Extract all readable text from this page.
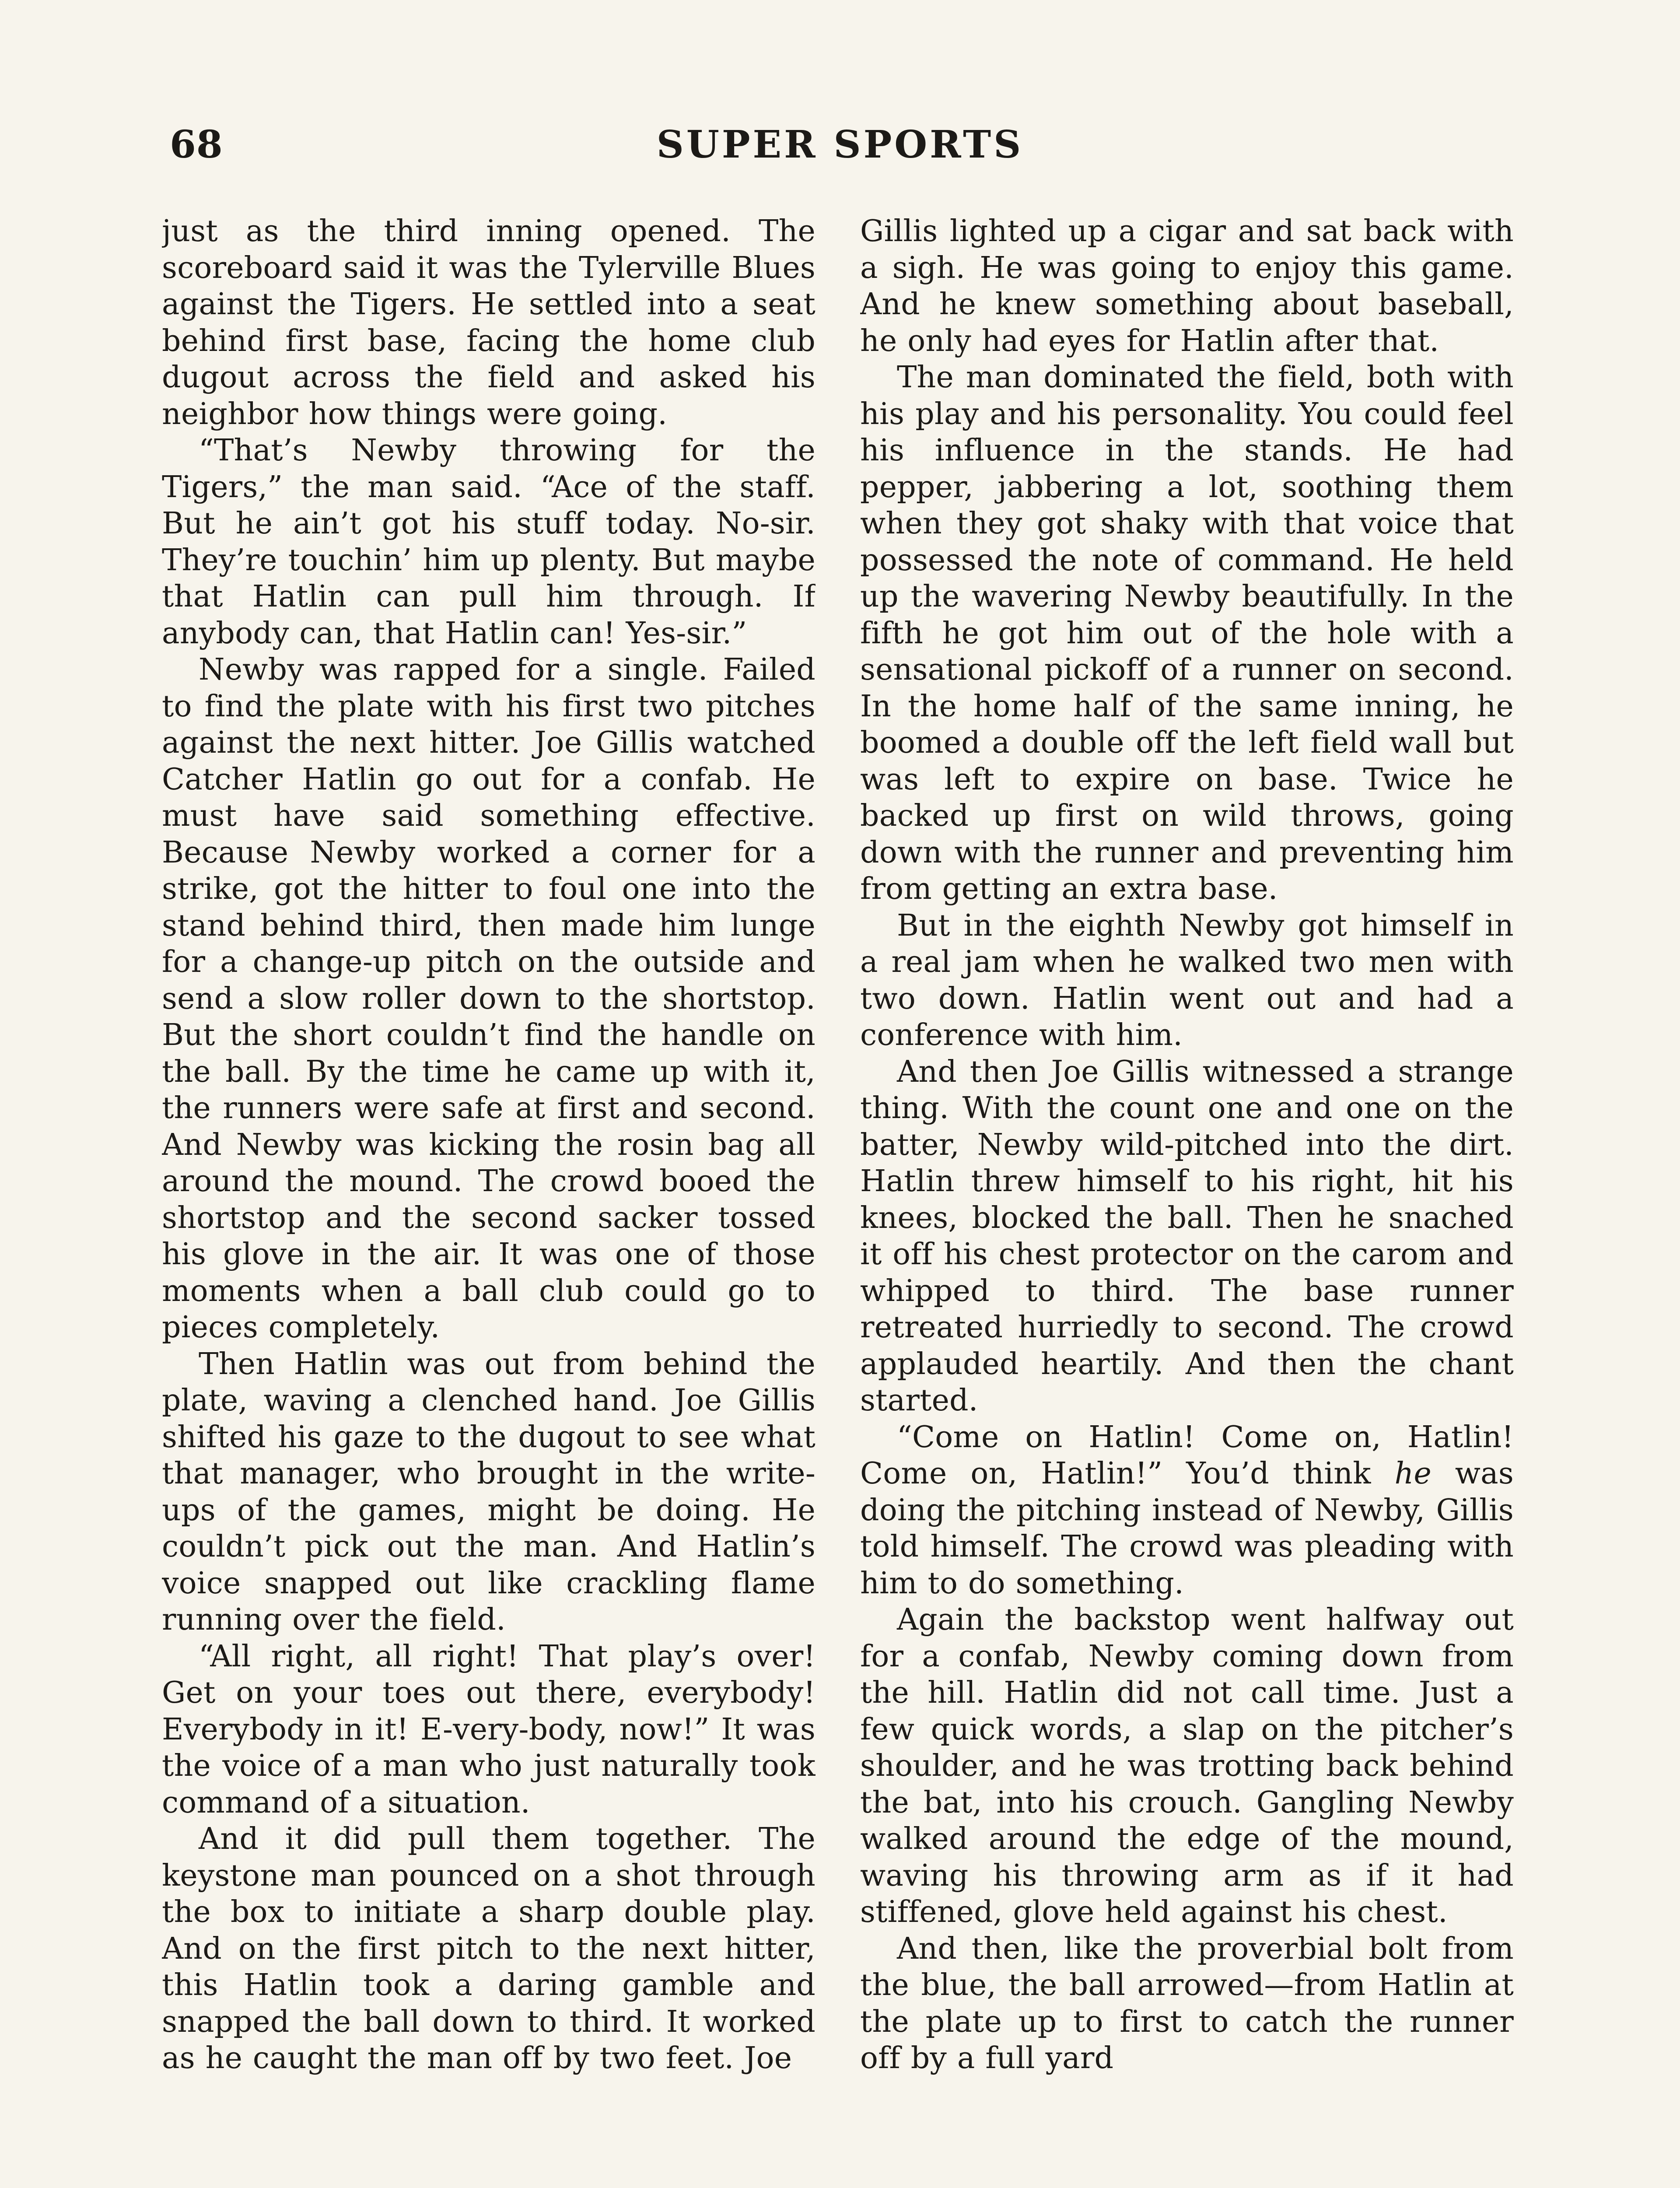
68	SUPER SPORTS

just as the third inning opened. The scoreboard said it was the Tylerville Blues against the Tigers. He settled into a seat behind first base, facing the home club dugout across the field and asked his neighbor how things were going.

“That’s Newby throwing for the Tigers,” the man said. “Ace of the staff. But he ain’t got his stuff today. No-sir. They’re touchin’ him up plenty. But maybe that Hatlin can pull him through. If anybody can, that Hatlin can! Yes-sir.”

Newby was rapped for a single. Failed to find the plate with his first two pitches against the next hitter. Joe Gillis watched Catcher Hatlin go out for a confab. He must have said something effective. Because Newby worked a corner for a strike, got the hitter to foul one into the stand behind third, then made him lunge for a change-up pitch on the outside and send a slow roller down to the shortstop. But the short couldn’t find the handle on the ball. By the time he came up with it, the runners were safe at first and second. And Newby was kicking the rosin bag all around the mound. The crowd booed the shortstop and the second sacker tossed his glove in the air. It was one of those moments when a ball club could go to pieces completely.

Then Hatlin was out from behind the plate, waving a clenched hand. Joe Gillis shifted his gaze to the dugout to see what that manager, who brought in the write-ups of the games, might be doing. He couldn’t pick out the man. And Hatlin’s voice snapped out like crackling flame running over the field.

“All right, all right! That play’s over! Get on your toes out there, everybody! Everybody in it! E-very-body, now!” It was the voice of a man who just naturally took command of a situation.

And it did pull them together. The keystone man pounced on a shot through the box to initiate a sharp double play. And on the first pitch to the next hitter, this Hatlin took a daring gamble and snapped the ball down to third. It worked as he caught the man off by two feet. Joe

Gillis lighted up a cigar and sat back with a sigh. He was going to enjoy this game. And he knew something about baseball, he only had eyes for Hatlin after that.

The man dominated the field, both with his play and his personality. You could feel his influence in the stands. He had pepper, jabbering a lot, soothing them when they got shaky with that voice that possessed the note of command. He held up the wavering Newby beautifully. In the fifth he got him out of the hole with a sensational pickoff of a runner on second. In the home half of the same inning, he boomed a double off the left field wall but was left to expire on base. Twice he backed up first on wild throws, going down with the runner and preventing him from getting an extra base.

But in the eighth Newby got himself in a real jam when he walked two men with two down. Hatlin went out and had a conference with him.

And then Joe Gillis witnessed a strange thing. With the count one and one on the batter, Newby wild-pitched into the dirt. Hatlin threw himself to his right, hit his knees, blocked the ball. Then he snached it off his chest protector on the carom and whipped to third. The base runner retreated hurriedly to second. The crowd applauded heartily. And then the chant started.

“Come on Hatlin! Come on, Hatlin! Come on, Hatlin!” You’d think he was doing the pitching instead of Newby, Gillis told himself. The crowd was pleading with him to do something.

Again the backstop went halfway out for a confab, Newby coming down from the hill. Hatlin did not call time. Just a few quick words, a slap on the pitcher’s shoulder, and he was trotting back behind the bat, into his crouch. Gangling Newby walked around the edge of the mound, waving his throwing arm as if it had stiffened, glove held against his chest.

And then, like the proverbial bolt from the blue, the ball arrowed—from Hatlin at the plate up to first to catch the runner off by a full yard
